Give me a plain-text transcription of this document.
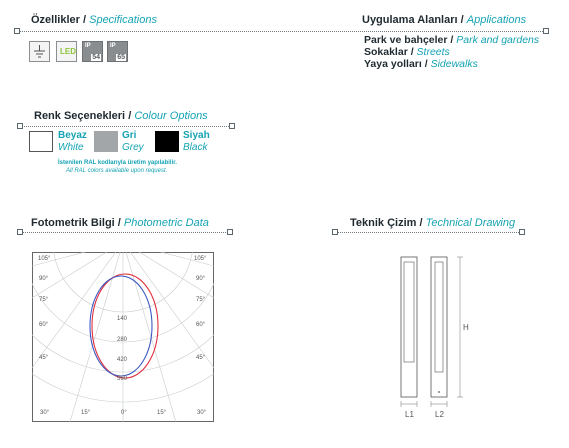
Özellikler / Specifications
LED
IP
54
IP
65
Uygulama Alanları / Applications
Park ve bahçeler / Park and gardens
Sokaklar / Streets
Yaya yolları / Sidewalks
Renk Seçenekleri / Colour Options
Beyaz
White
Gri
Grey
Siyah
Black
İstenilen RAL kodlarıyla üretim yapılabilir.
All RAL colors available upon request.
Fotometrik Bilgi / Photometric Data
105°
90°
75°
60°
45°
105°
90°
75°
60°
45°
140
280
420
560
30°	15°	0°	15°	30°
Teknik Çizim / Technical Drawing
H
L1	L2
